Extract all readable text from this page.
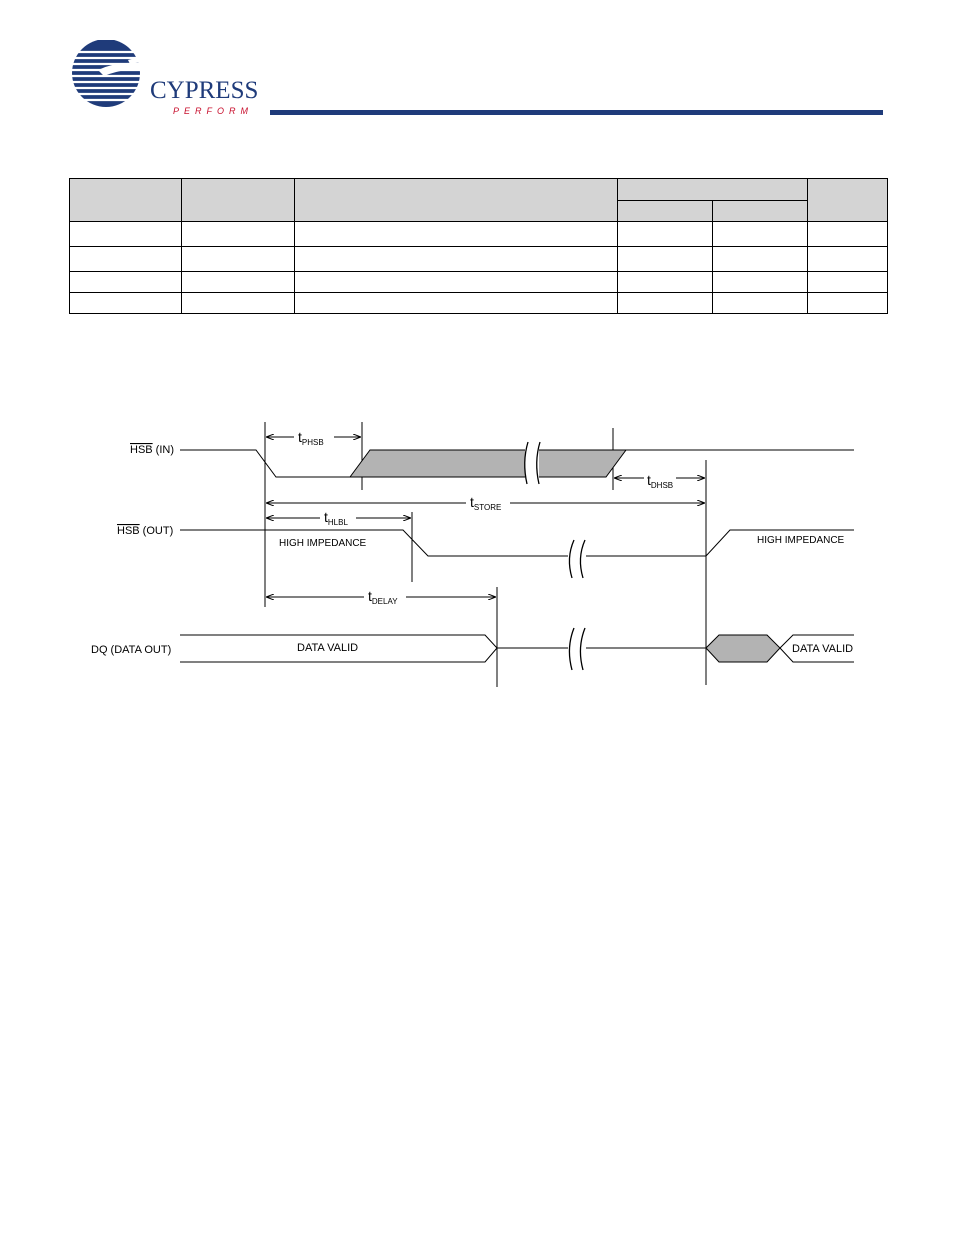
CYPRESS
PERFORM

HSB (IN)
HSB (OUT)
DQ (DATA OUT)
HIGH IMPEDANCE	HIGH IMPEDANCE
DATA VALID	DATA VALID
$t_{PHSB}$
$t_{STORE}$
$t_{HLBL}$
$t_{DHSB}$
$t_{DELAY}$
